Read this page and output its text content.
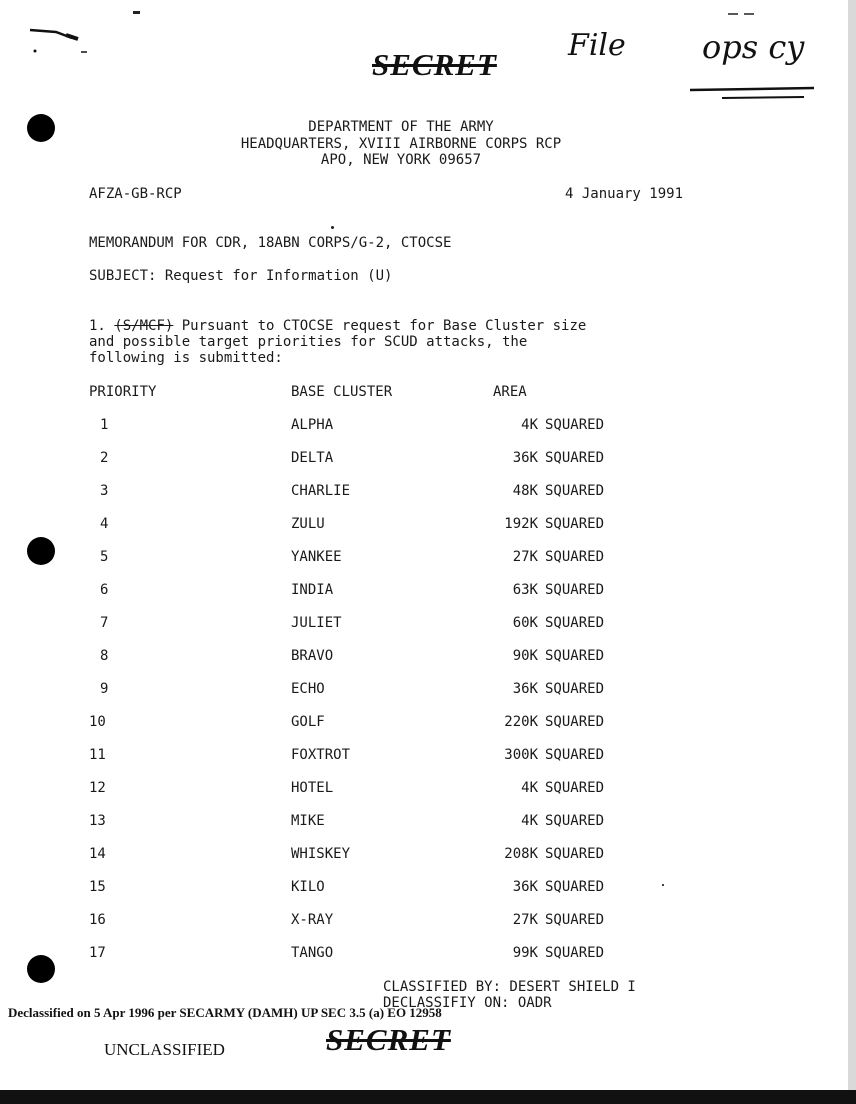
SECRET
File ops cy
DEPARTMENT OF THE ARMY
HEADQUARTERS, XVIII AIRBORNE CORPS RCP
APO, NEW YORK 09657
AFZA-GB-RCP	4 January 1991
MEMORANDUM FOR CDR, 18ABN CORPS/G-2, CTOCSE
SUBJECT: Request for Information (U)
1. (S/MCF) Pursuant to CTOCSE request for Base Cluster size
and possible target priorities for SCUD attacks, the
following is submitted:
PRIORITY	BASE CLUSTER	AREA
1	ALPHA	4K SQUARED
2	DELTA	36K SQUARED
3	CHARLIE	48K SQUARED
4	ZULU	192K SQUARED
5	YANKEE	27K SQUARED
6	INDIA	63K SQUARED
7	JULIET	60K SQUARED
8	BRAVO	90K SQUARED
9	ECHO	36K SQUARED
10	GOLF	220K SQUARED
11	FOXTROT	300K SQUARED
12	HOTEL	4K SQUARED
13	MIKE	4K SQUARED
14	WHISKEY	208K SQUARED
15	KILO	36K SQUARED
16	X-RAY	27K SQUARED
17	TANGO	99K SQUARED
CLASSIFIED BY: DESERT SHIELD I
DECLASSIFIY ON: OADR
Declassified on 5 Apr 1996 per SECARMY (DAMH) UP SEC 3.5 (a) EO 12958
UNCLASSIFIED	SECRET
